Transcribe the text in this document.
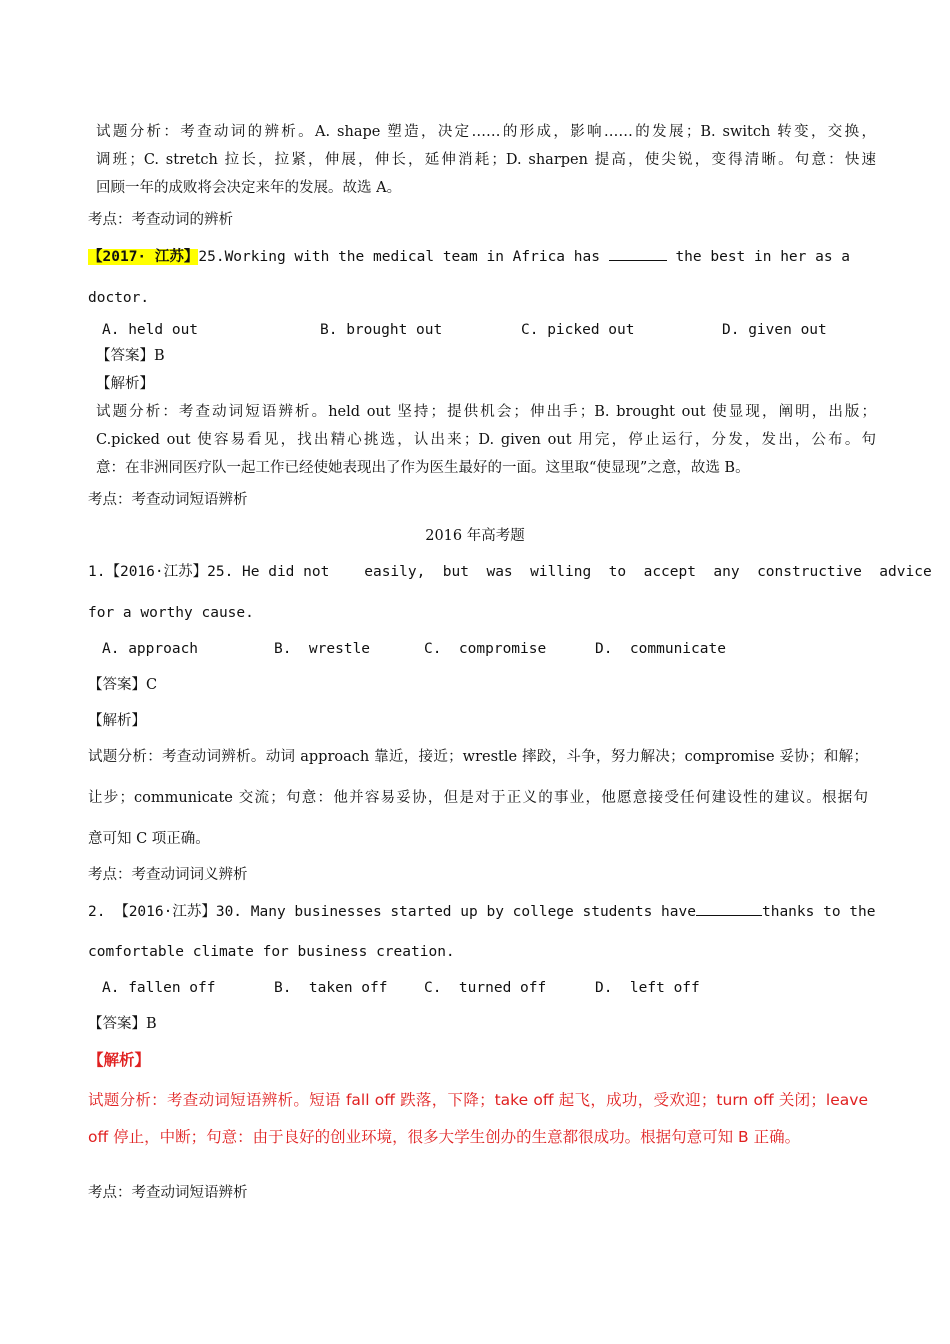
试题分析：考查动词的辨析。A. shape 塑造，决定……的形成，影响……的发展；B. switch 转变，交换，
调班；C. stretch 拉长，拉紧，伸展，伸长，延伸消耗；D. sharpen 提高，使尖锐，变得清晰。句意：快速
回顾一年的成败将会决定来年的发展。故选 A。
考点：考查动词的辨析
【2017· 江苏】25.Working with the medical team in Africa has	the best in her as a
doctor.
A. held out	B. brought out	C. picked out	D. given out
【答案】B
【解析】
试题分析：考查动词短语辨析。held out 坚持；提供机会；伸出手；B. brought out 使显现，阐明，出版；
C.picked out 使容易看见，找出精心挑选，认出来；D. given out 用完，停止运行，分发，发出，公布。句
意：在非洲同医疗队一起工作已经使她表现出了作为医生最好的一面。这里取“使显现”之意，故选 B。
考点：考查动词短语辨析
2016 年高考题
1.【2016·江苏】25. He did not    easily,  but  was  willing  to  accept  any  constructive  advice
for a worthy cause.
A. approach	B.  wrestle	C.  compromise	D.  communicate
【答案】C
【解析】
试题分析：考查动词辨析。动词 approach 靠近，接近；wrestle 摔跤，斗争，努力解决；compromise 妥协；和解；
让步；communicate 交流；句意：他并容易妥协，但是对于正义的事业，他愿意接受任何建设性的建议。根据句
意可知 C 项正确。
考点：考查动词词义辨析
2. 【2016·江苏】30. Many businesses started up by college students have	thanks to the
comfortable climate for business creation.
A. fallen off	B.  taken off	C.  turned off	D.  left off
【答案】B
【解析】
试题分析：考查动词短语辨析。短语 fall off 跌落，下降；take off 起飞，成功，受欢迎；turn off 关闭；leave
off 停止，中断；句意：由于良好的创业环境，很多大学生创办的生意都很成功。根据句意可知 B 正确。
考点：考查动词短语辨析
